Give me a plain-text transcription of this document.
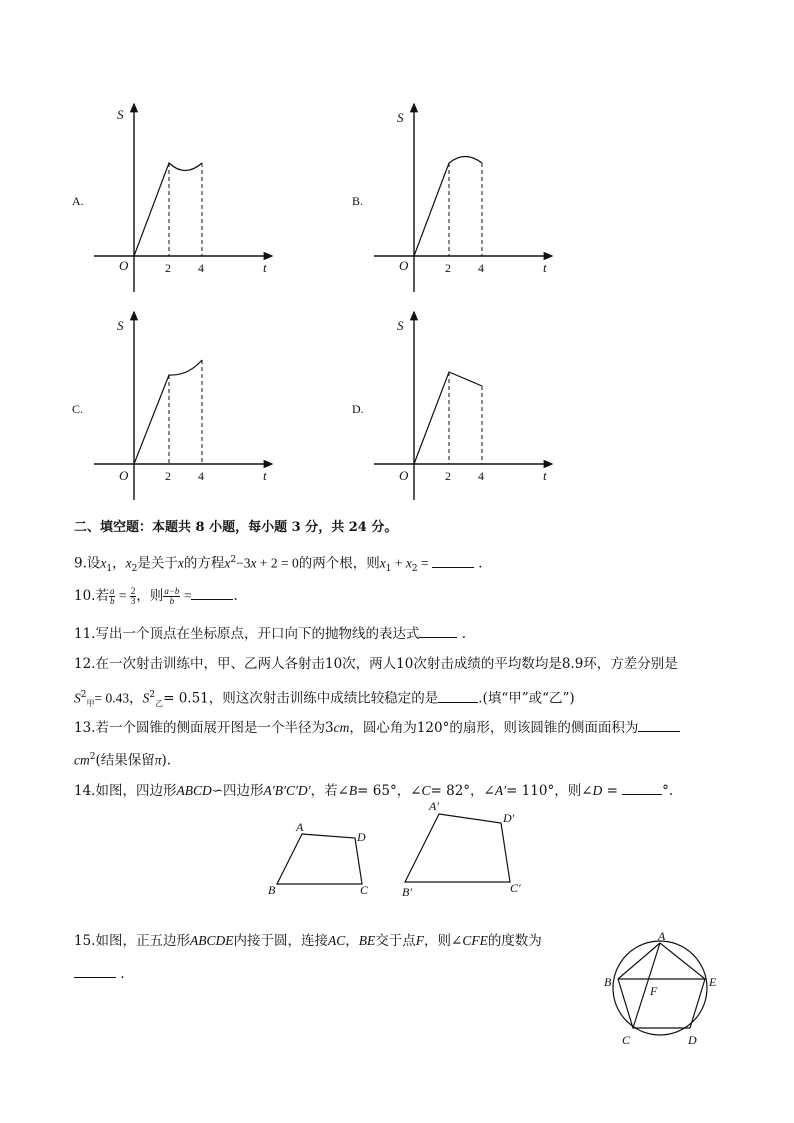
A.
S
O	2 4	t
B.
S
O	2 4	t
C.
S
O	2 4	t
D.
S
O	2 4	t
二、填空题：本题共 8 小题，每小题 3 分，共 24 分。
9.设$x_1$，$x_2$是关于x的方程$x^2-3x + 2 = 0$的两个根，则$x_1 + x_2$ =	.
10.若 $\frac{a}{b} = \frac{2}{3}$ ，则 $\frac{a-b}{b}$ =	.
11.写出一个顶点在坐标原点，开口向下的抛物线的表达式	.
12.在一次射击训练中，甲、乙两人各射击10次，两人10次射击成绩的平均数均是8.9环，方差分别是
$S^2_甲= 0.43$，$S^2_乙= 0.51$，则这次射击训练中成绩比较稳定的是	.(填“甲”或“乙”)
13.若一个圆锥的侧面展开图是一个半径为3cm，圆心角为120°的扇形，则该圆锥的侧面面积为
$cm^2$(结果保留π).
14.如图，四边形ABCD∽四边形A′B′C′D′，若∠B= 65°，∠C= 82°，∠A′= 110°，则∠D =	°.
A
D
B	C
A′
D′
B′	C′
15.如图，正五边形ABCDE内接于圆，连接AC，BE交于点F，则∠CFE的度数为
.
A
B	E
F
C	D
